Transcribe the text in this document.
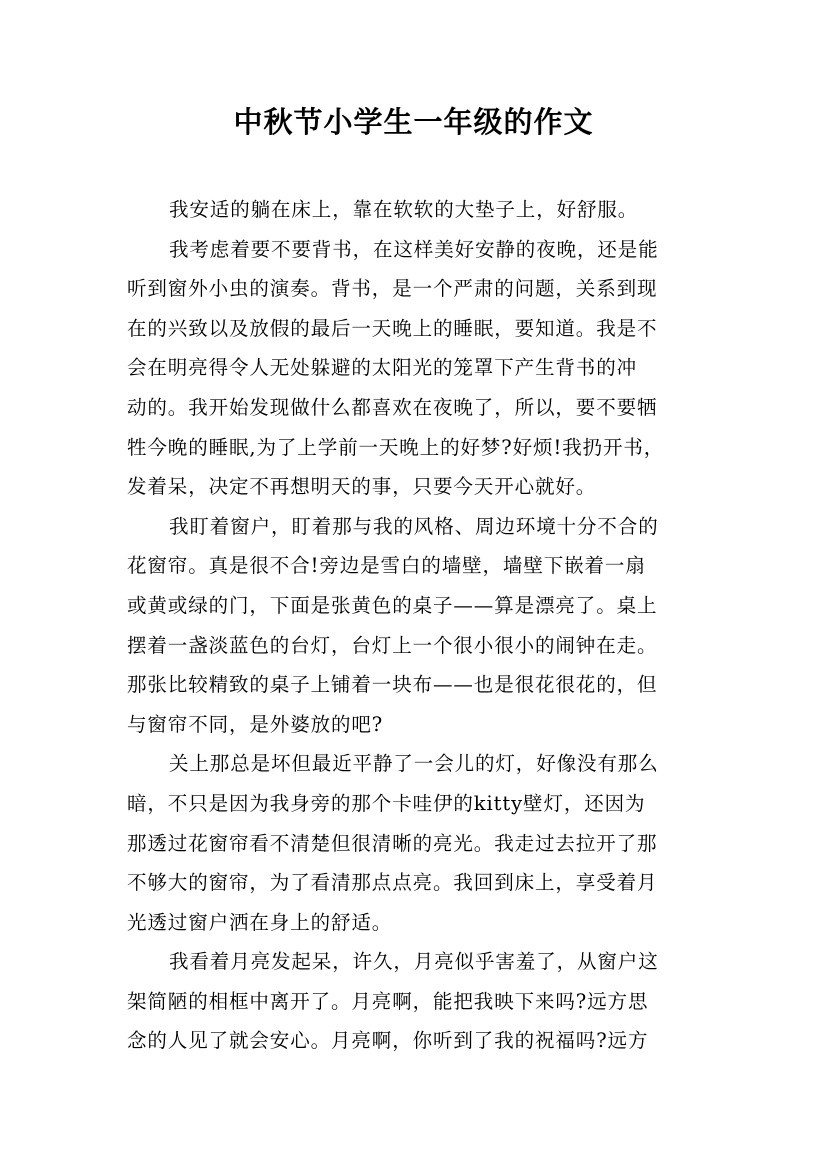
中秋节小学生一年级的作文
我安适的躺在床上，靠在软软的大垫子上，好舒服。
我考虑着要不要背书，在这样美好安静的夜晚，还是能
听到窗外小虫的演奏。背书，是一个严肃的问题，关系到现
在的兴致以及放假的最后一天晚上的睡眠，要知道。我是不
会在明亮得令人无处躲避的太阳光的笼罩下产生背书的冲
动的。我开始发现做什么都喜欢在夜晚了，所以，要不要牺
牲今晚的睡眠,为了上学前一天晚上的好梦?好烦!我扔开书，
发着呆，决定不再想明天的事，只要今天开心就好。
我盯着窗户，盯着那与我的风格、周边环境十分不合的
花窗帘。真是很不合!旁边是雪白的墙壁，墙壁下嵌着一扇
或黄或绿的门，下面是张黄色的桌子——算是漂亮了。桌上
摆着一盏淡蓝色的台灯，台灯上一个很小很小的闹钟在走。
那张比较精致的桌子上铺着一块布——也是很花很花的，但
与窗帘不同，是外婆放的吧?
关上那总是坏但最近平静了一会儿的灯，好像没有那么
暗，不只是因为我身旁的那个卡哇伊的kitty壁灯，还因为
那透过花窗帘看不清楚但很清晰的亮光。我走过去拉开了那
不够大的窗帘，为了看清那点点亮。我回到床上，享受着月
光透过窗户洒在身上的舒适。
我看着月亮发起呆，许久，月亮似乎害羞了，从窗户这
架简陋的相框中离开了。月亮啊，能把我映下来吗?远方思
念的人见了就会安心。月亮啊，你听到了我的祝福吗?远方
